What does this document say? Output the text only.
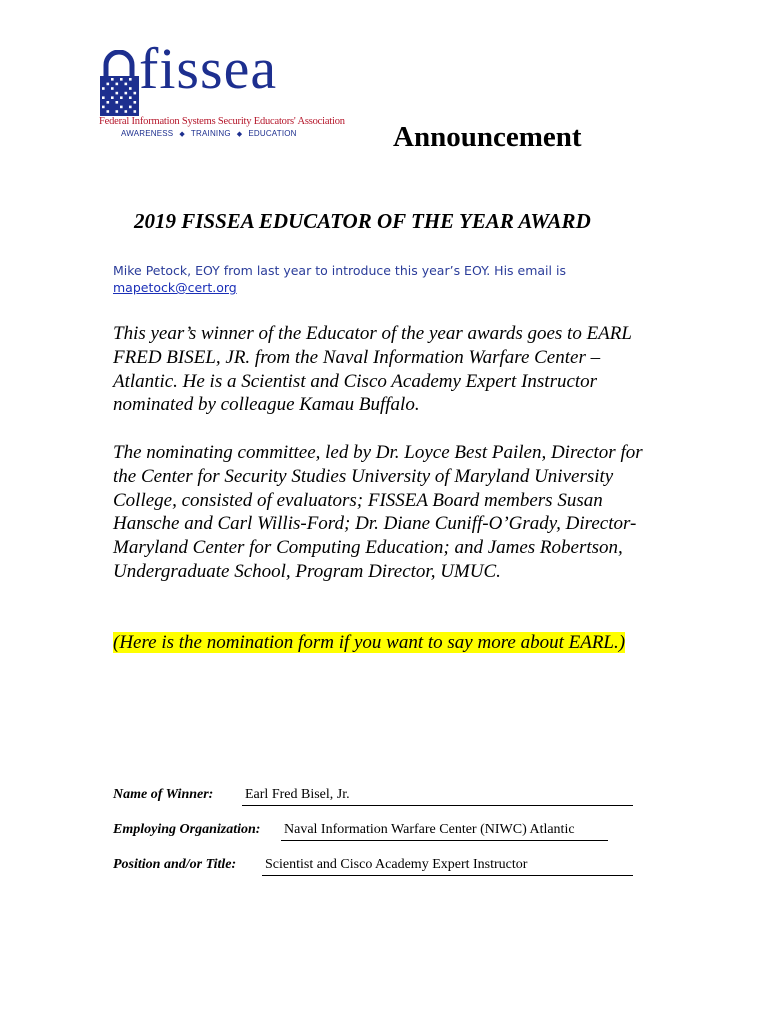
fissea
Federal Information Systems Security Educators' Association
AWARENESS ◆ TRAINING ◆ EDUCATION	Announcement
2019 FISSEA EDUCATOR OF THE YEAR AWARD
Mike Petock, EOY from last year to introduce this year’s EOY. His email is
mapetock@cert.org
This year’s winner of the Educator of the year awards goes to EARL FRED BISEL, JR. from the Naval Information Warfare Center – Atlantic. He is a Scientist and Cisco Academy Expert Instructor nominated by colleague Kamau Buffalo.
The nominating committee, led by Dr. Loyce Best Pailen, Director for the Center for Security Studies University of Maryland University College, consisted of evaluators; FISSEA Board members Susan Hansche and Carl Willis-Ford; Dr. Diane Cuniff-O’Grady, Director-Maryland Center for Computing Education; and James Robertson, Undergraduate School, Program Director, UMUC.
(Here is the nomination form if you want to say more about EARL.)
Name of Winner: Earl Fred Bisel, Jr.
Employing Organization: Naval Information Warfare Center (NIWC) Atlantic
Position and/or Title: Scientist and Cisco Academy Expert Instructor
